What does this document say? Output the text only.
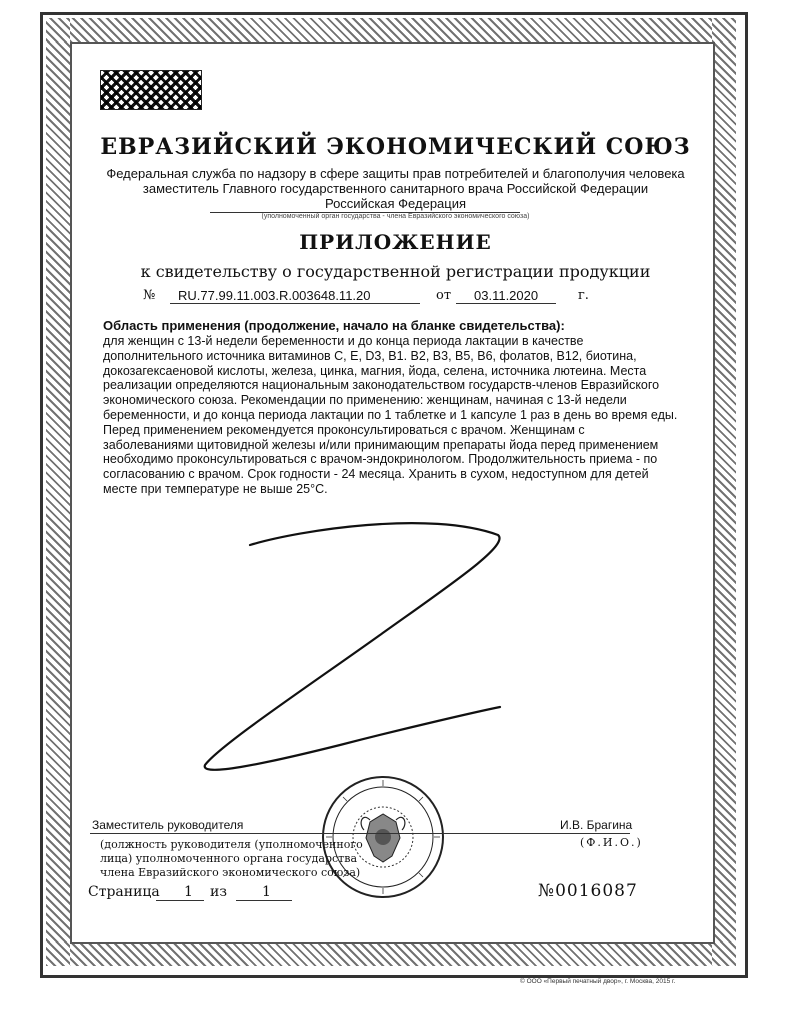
ЕВРАЗИЙСКИЙ ЭКОНОМИЧЕСКИЙ СОЮЗ
Федеральная служба по надзору в сфере защиты прав потребителей и благополучия человека
заместитель Главного государственного санитарного врача Российской Федерации
Российская Федерация
(уполномоченный орган государства - члена Евразийского экономического союза)
ПРИЛОЖЕНИЕ
к свидетельству о государственной регистрации продукции
№ RU.77.99.11.003.R.003648.11.20	от 03.11.2020	г.
Область применения (продолжение, начало на бланке свидетельства):
для женщин с 13-й недели беременности и до конца периода лактации в качестве
дополнительного источника витаминов С, Е, D3, В1. В2, В3, В5, В6, фолатов, В12, биотина,
докозагексаеновой кислоты, железа, цинка, магния, йода, селена, источника лютеина. Места
реализации определяются национальным законодательством государств-членов Евразийского
экономического союза. Рекомендации по применению: женщинам, начиная с 13-й недели
беременности, и до конца периода лактации по 1 таблетке и 1 капсуле 1 раз в день во время еды.
Перед применением рекомендуется проконсультироваться с врачом. Женщинам с
заболеваниями щитовидной железы и/или принимающим препараты йода перед применением
необходимо проконсультироваться с врачом-эндокринологом. Продолжительность приема - по
согласованию с врачом. Срок годности - 24 месяца. Хранить в сухом, недоступном для детей
месте при температуре не выше 25°С.
Заместитель руководителя	И.В. Брагина
(Ф.И.О.)
(должность руководителя (уполномоченного
лица) уполномоченного органа государства
члена Евразийского экономического союза)
Страница 1 из	1	№0016087
© ООО «Первый печатный двор», г. Москва, 2015 г.
